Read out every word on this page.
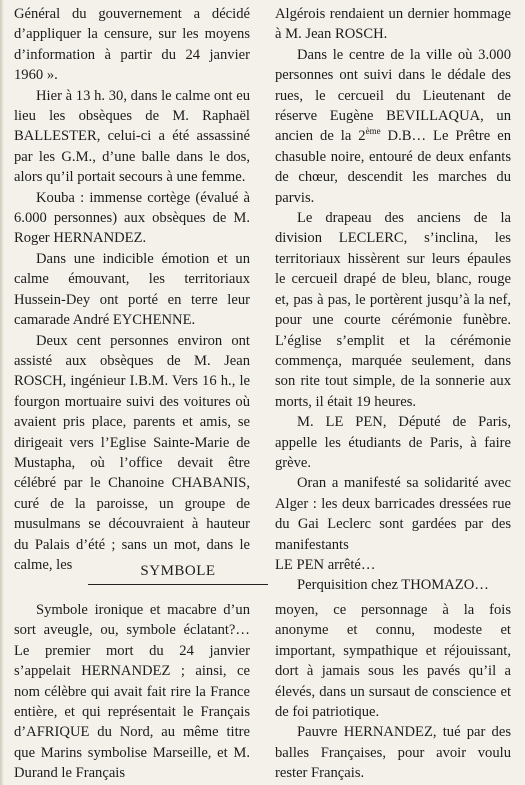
Général du gouvernement a décidé d’appliquer la censure, sur les moyens d’information à partir du 24 janvier 1960 ».

Hier à 13 h. 30, dans le calme ont eu lieu les obsèques de M. Raphaël BALLESTER, celui-ci a été assassiné par les G.M., d’une balle dans le dos, alors qu’il portait secours à une femme.

Kouba : immense cortège (évalué à 6.000 personnes) aux obsèques de M. Roger HERNANDEZ.

Dans une indicible émotion et un calme émouvant, les territoriaux Hussein-Dey ont porté en terre leur camarade André EYCHENNE.

Deux cent personnes environ ont assisté aux obsèques de M. Jean ROSCH, ingénieur I.B.M. Vers 16 h., le fourgon mortuaire suivi des voitures où avaient pris place, parents et amis, se dirigeait vers l’Eglise Sainte-Marie de Mustapha, où l’office devait être célébré par le Chanoine CHABANIS, curé de la paroisse, un groupe de musulmans se découvraient à hauteur du Palais d’été ; sans un mot, dans le calme, les

Algérois rendaient un dernier hommage à M. Jean ROSCH.

Dans le centre de la ville où 3.000 personnes ont suivi dans le dédale des rues, le cercueil du Lieutenant de réserve Eugène BEVILLAQUA, un ancien de la 2ème D.B… Le Prêtre en chasuble noire, entouré de deux enfants de chœur, descendit les marches du parvis.

Le drapeau des anciens de la division LECLERC, s’inclina, les territoriaux hissèrent sur leurs épaules le cercueil drapé de bleu, blanc, rouge et, pas à pas, le portèrent jusqu’à la nef, pour une courte cérémonie funèbre. L’église s’emplit et la cérémonie commença, marquée seulement, dans son rite tout simple, de la sonnerie aux morts, il était 19 heures.

M. LE PEN, Député de Paris, appelle les étudiants de Paris, à faire grève.

Oran a manifesté sa solidarité avec Alger : les deux barricades dressées rue du Gai Leclerc sont gardées par des manifestants

LE PEN arrêté…

Perquisition chez THOMAZO…

SYMBOLE

Symbole ironique et macabre d’un sort aveugle, ou, symbole éclatant?… Le premier mort du 24 janvier s’appelait HERNANDEZ ; ainsi, ce nom célèbre qui avait fait rire la France entière, et qui représentait le Français d’AFRIQUE du Nord, au même titre que Marins symbolise Marseille, et M. Durand le Français

moyen, ce personnage à la fois anonyme et connu, modeste et important, sympathique et réjouissant, dort à jamais sous les pavés qu’il a élevés, dans un sursaut de conscience et de foi patriotique.

Pauvre HERNANDEZ, tué par des balles Françaises, pour avoir voulu rester Français.
